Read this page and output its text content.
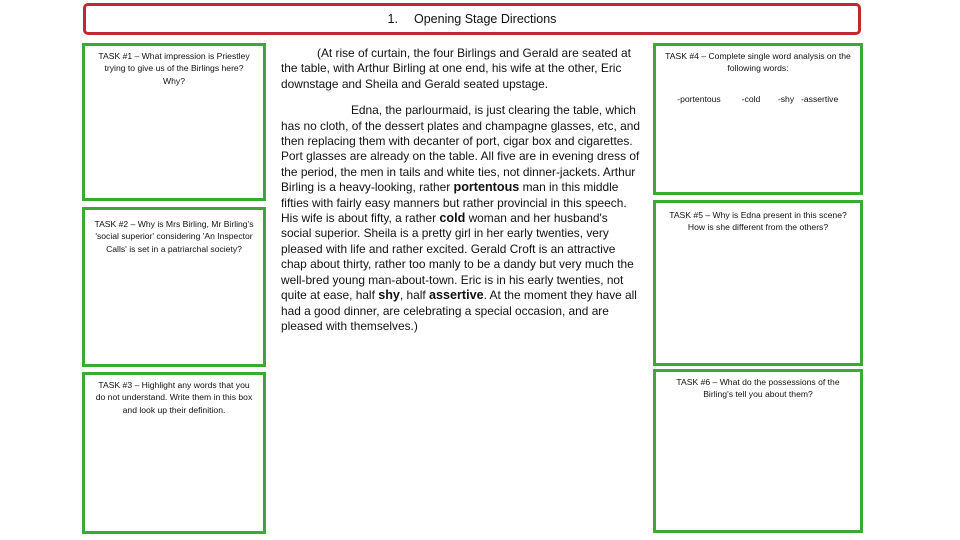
1. Opening Stage Directions
TASK #1 – What impression is Priestley trying to give us of the Birlings here? Why?
TASK #2 – Why is Mrs Birling, Mr Birling's 'social superior' considering 'An Inspector Calls' is set in a patriarchal society?
TASK #3 – Highlight any words that you do not understand. Write them in this box and look up their definition.

(At rise of curtain, the four Birlings and Gerald are seated at the table, with Arthur Birling at one end, his wife at the other, Eric downstage and Sheila and Gerald seated upstage.

Edna, the parlourmaid, is just clearing the table, which has no cloth, of the dessert plates and champagne glasses, etc, and then replacing them with decanter of port, cigar box and cigarettes. Port glasses are already on the table. All five are in evening dress of the period, the men in tails and white ties, not dinner-jackets. Arthur Birling is a heavy-looking, rather portentous man in this middle fifties with fairly easy manners but rather provincial in this speech. His wife is about fifty, a rather cold woman and her husband's social superior. Sheila is a pretty girl in her early twenties, very pleased with life and rather excited. Gerald Croft is an attractive chap about thirty, rather too manly to be a dandy but very much the well-bred young man-about-town. Eric is in his early twenties, not quite at ease, half shy, half assertive. At the moment they have all had a good dinner, are celebrating a special occasion, and are pleased with themselves.)

TASK #4 – Complete single word analysis on the following words:
-portentous	-cold	-shy -assertive
TASK #5 – Why is Edna present in this scene? How is she different from the others?
TASK #6 – What do the possessions of the Birling's tell you about them?
